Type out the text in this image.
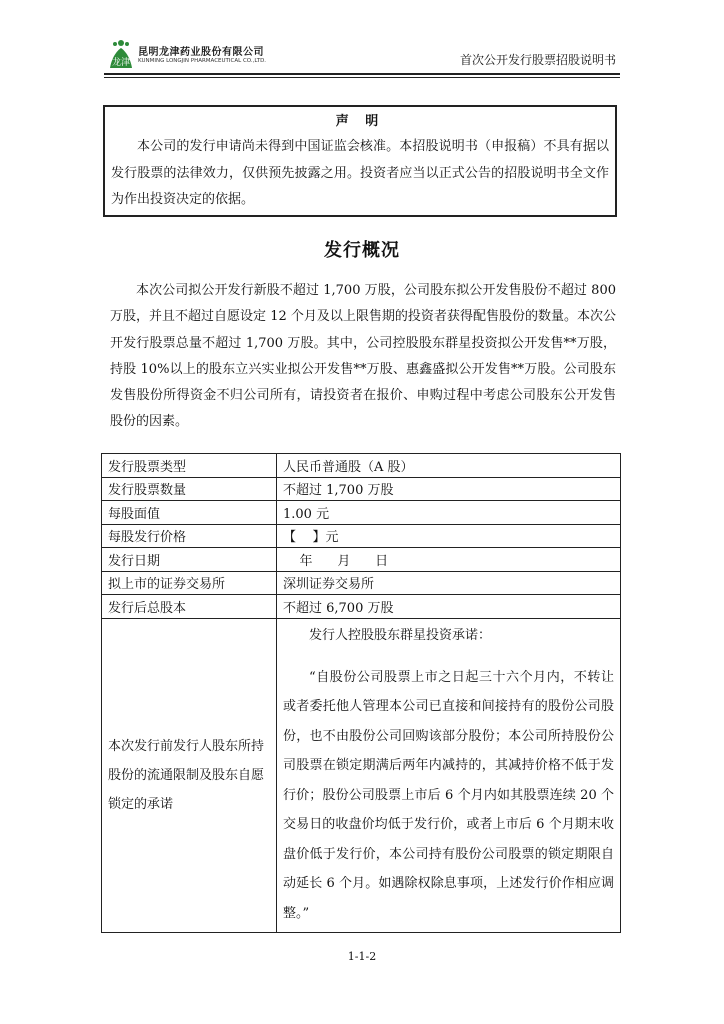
龙津
昆明龙津药业股份有限公司
KUNMING LONGJIN PHARMACEUTICAL CO.,LTD.	首次公开发行股票招股说明书
声 明
本公司的发行申请尚未得到中国证监会核准。本招股说明书（申报稿）不具有据以发行股票的法律效力，仅供预先披露之用。投资者应当以正式公告的招股说明书全文作为作出投资决定的依据。
发行概况
本次公司拟公开发行新股不超过 1,700 万股，公司股东拟公开发售股份不超过 800 万股，并且不超过自愿设定 12 个月及以上限售期的投资者获得配售股份的数量。本次公开发行股票总量不超过 1,700 万股。其中，公司控股股东群星投资拟公开发售**万股，持股 10%以上的股东立兴实业拟公开发售**万股、惠鑫盛拟公开发售**万股。公司股东发售股份所得资金不归公司所有，请投资者在报价、申购过程中考虑公司股东公开发售股份的因素。
发行股票类型	人民币普通股（A 股）
发行股票数量	不超过 1,700 万股
每股面值	1.00 元
每股发行价格	【    】元
发行日期	年      月      日
拟上市的证券交易所	深圳证券交易所
发行后总股本	不超过 6,700 万股
本次发行前发行人股东所持股份的流通限制及股东自愿锁定的承诺	发行人控股股东群星投资承诺：
“自股份公司股票上市之日起三十六个月内，不转让或者委托他人管理本公司已直接和间接持有的股份公司股份，也不由股份公司回购该部分股份；本公司所持股份公司股票在锁定期满后两年内减持的，其减持价格不低于发行价；股份公司股票上市后 6 个月内如其股票连续 20 个交易日的收盘价均低于发行价，或者上市后 6 个月期末收盘价低于发行价，本公司持有股份公司股票的锁定期限自动延长 6 个月。如遇除权除息事项，上述发行价作相应调整。”
1-1-2
